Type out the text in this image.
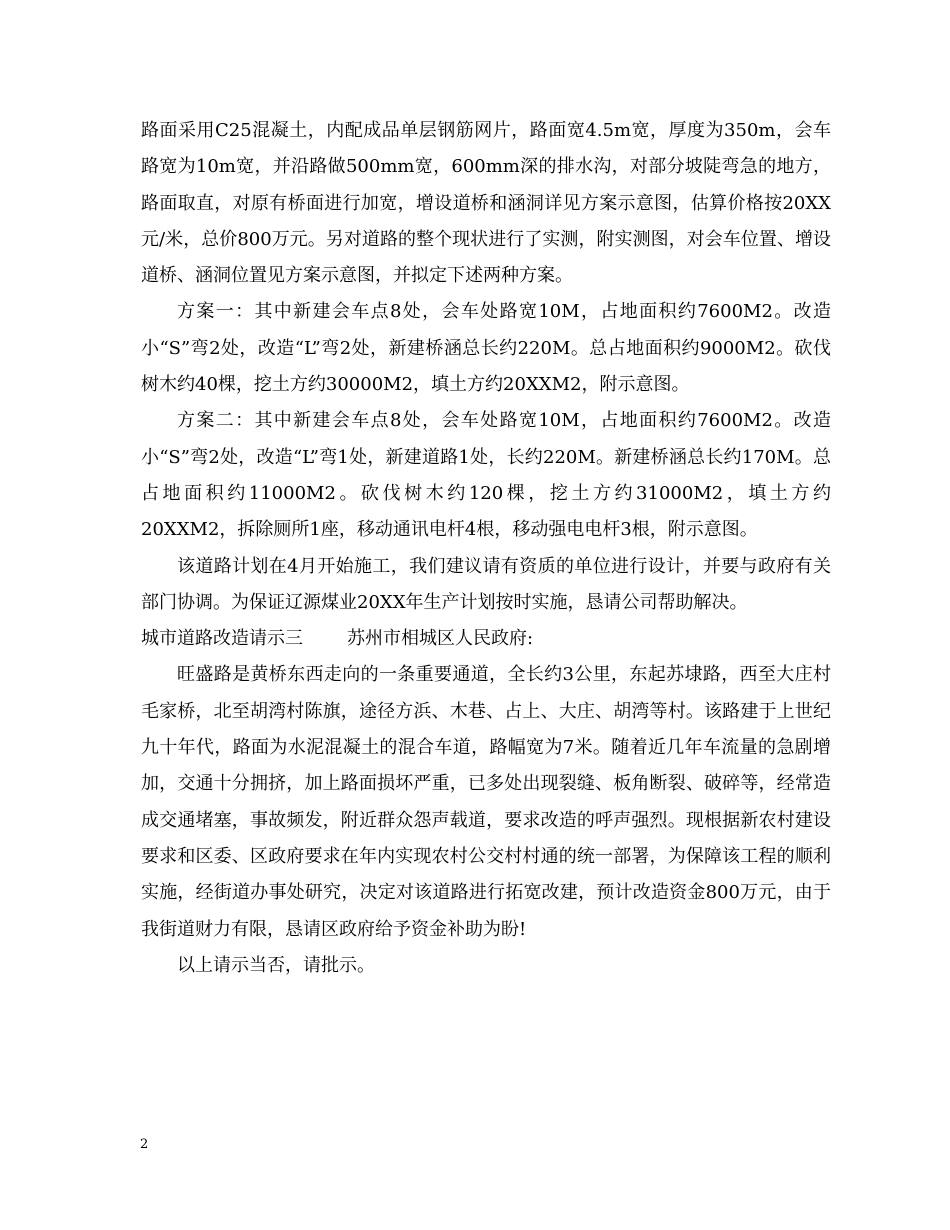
路面采用C25混凝土，内配成品单层钢筋网片，路面宽4.5m宽，厚度为350m，会车路宽为10m宽，并沿路做500mm宽，600mm深的排水沟，对部分坡陡弯急的地方，路面取直，对原有桥面进行加宽，增设道桥和涵洞详见方案示意图，估算价格按20XX元/米，总价800万元。另对道路的整个现状进行了实测，附实测图，对会车位置、增设道桥、涵洞位置见方案示意图，并拟定下述两种方案。

方案一：其中新建会车点8处，会车处路宽10M，占地面积约7600M2。改造小“S”弯2处，改造“L”弯2处，新建桥涵总长约220M。总占地面积约9000M2。砍伐树木约40棵，挖土方约30000M2，填土方约20XXM2，附示意图。

方案二：其中新建会车点8处，会车处路宽10M，占地面积约7600M2。改造小“S”弯2处，改造“L”弯1处，新建道路1处，长约220M。新建桥涵总长约170M。总占地面积约11000M2。砍伐树木约120棵，挖土方约31000M2，填土方约20XXM2，拆除厕所1座，移动通讯电杆4根，移动强电电杆3根，附示意图。

该道路计划在4月开始施工，我们建议请有资质的单位进行设计，并要与政府有关部门协调。为保证辽源煤业20XX年生产计划按时实施，恳请公司帮助解决。

城市道路改造请示三 苏州市相城区人民政府:

旺盛路是黄桥东西走向的一条重要通道，全长约3公里，东起苏埭路，西至大庄村毛家桥，北至胡湾村陈旗，途径方浜、木巷、占上、大庄、胡湾等村。该路建于上世纪九十年代，路面为水泥混凝土的混合车道，路幅宽为7米。随着近几年车流量的急剧增加，交通十分拥挤，加上路面损坏严重，已多处出现裂缝、板角断裂、破碎等，经常造成交通堵塞，事故频发，附近群众怨声载道，要求改造的呼声强烈。现根据新农村建设要求和区委、区政府要求在年内实现农村公交村村通的统一部署，为保障该工程的顺利实施，经街道办事处研究，决定对该道路进行拓宽改建，预计改造资金800万元，由于我街道财力有限，恳请区政府给予资金补助为盼!

以上请示当否，请批示。

2
